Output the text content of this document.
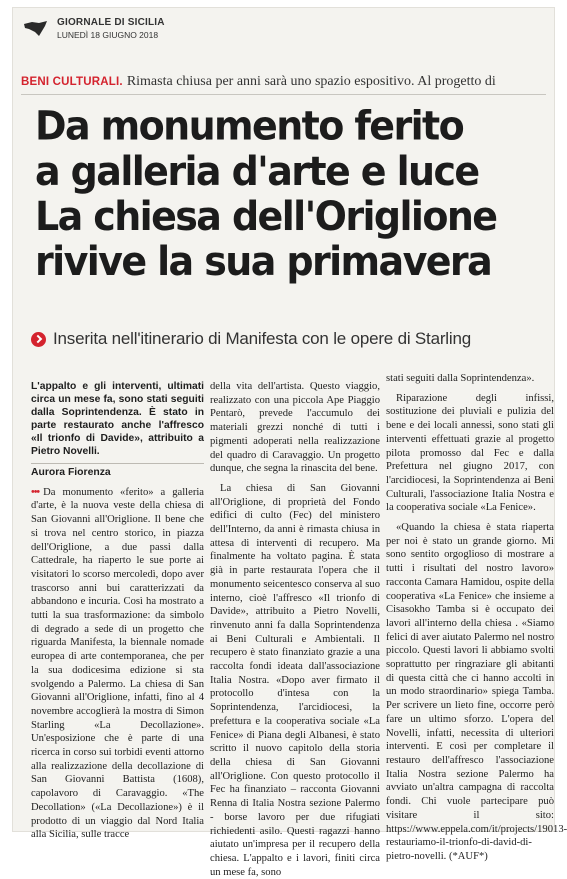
GIORNALE DI SICILIA
LUNEDÌ 18 GIUGNO 2018
BENI CULTURALI. Rimasta chiusa per anni sarà uno spazio espositivo. Al progetto di
Da monumento ferito
a galleria d'arte e luce
La chiesa dell'Origlione
rivive la sua primavera
Inserita nell'itinerario di Manifesta con le opere di Starling

L'appalto e gli interventi, ultimati circa un mese fa, sono stati seguiti dalla Soprintendenza. È stato in parte restaurato anche l'affresco «Il trionfo di Davide», attribuito a Pietro Novelli.

Aurora Fiorenza

••• Da monumento «ferito» a galleria d'arte, è la nuova veste della chiesa di San Giovanni all'Origlione. Il bene che si trova nel centro storico, in piazza dell'Origlione, a due passi dalla Cattedrale, ha riaperto le sue porte ai visitatori lo scorso mercoledì, dopo aver trascorso anni bui caratterizzati da abbandono e incuria. Così ha mostrato a tutti la sua trasformazione: da simbolo di degrado a sede di un progetto che riguarda Manifesta, la biennale nomade europea di arte contemporanea, che per la sua dodicesima edizione si sta svolgendo a Palermo. La chiesa di San Giovanni all'Origlione, infatti, fino al 4 novembre accoglierà la mostra di Simon Starling «La Decollazione». Un'esposizione che è parte di una ricerca in corso sui torbidi eventi attorno alla realizzazione della decollazione di San Giovanni Battista (1608), capolavoro di Caravaggio. «The Decollation» («La Decollazione») è il prodotto di un viaggio dal Nord Italia alla Sicilia, sulle tracce

della vita dell'artista. Questo viaggio, realizzato con una piccola Ape Piaggio Pentarò, prevede l'accumulo dei materiali grezzi nonché di tutti i pigmenti adoperati nella realizzazione del quadro di Caravaggio. Un progetto dunque, che segna la rinascita del bene.

La chiesa di San Giovanni all'Origlione, di proprietà del Fondo edifici di culto (Fec) del ministero dell'Interno, da anni è rimasta chiusa in attesa di interventi di recupero. Ma finalmente ha voltato pagina. È stata già in parte restaurata l'opera che il monumento seicentesco conserva al suo interno, cioè l'affresco «Il trionfo di Davide», attribuito a Pietro Novelli, rinvenuto anni fa dalla Soprintendenza ai Beni Culturali e Ambientali. Il recupero è stato finanziato grazie a una raccolta fondi ideata dall'associazione Italia Nostra. «Dopo aver firmato il protocollo d'intesa con la Soprintendenza, l'arcidiocesi, la prefettura e la cooperativa sociale «La Fenice» di Piana degli Albanesi, è stato scritto il nuovo capitolo della storia della chiesa di San Giovanni all'Origlione. Con questo protocollo il Fec ha finanziato – racconta Giovanni Renna di Italia Nostra sezione Palermo - borse lavoro per due rifugiati richiedenti asilo. Questi ragazzi hanno aiutato un'impresa per il recupero della chiesa. L'appalto e i lavori, finiti circa un mese fa, sono

stati seguiti dalla Soprintendenza».

Riparazione degli infissi, sostituzione dei pluviali e pulizia del bene e dei locali annessi, sono stati gli interventi effettuati grazie al progetto pilota promosso dal Fec e dalla Prefettura nel giugno 2017, con l'arcidiocesi, la Soprintendenza ai Beni Culturali, l'associazione Italia Nostra e la cooperativa sociale «La Fenice».

«Quando la chiesa è stata riaperta per noi è stato un grande giorno. Mi sono sentito orgoglioso di mostrare a tutti i risultati del nostro lavoro» racconta Camara Hamidou, ospite della cooperativa «La Fenice» che insieme a Cisasokho Tamba si è occupato dei lavori all'interno della chiesa . «Siamo felici di aver aiutato Palermo nel nostro piccolo. Questi lavori li abbiamo svolti soprattutto per ringraziare gli abitanti di questa città che ci hanno accolti in un modo straordinario» spiega Tamba. Per scrivere un lieto fine, occorre però fare un ultimo sforzo. L'opera del Novelli, infatti, necessita di ulteriori interventi. E così per completare il restauro dell'affresco l'associazione Italia Nostra sezione Palermo ha avviato un'altra campagna di raccolta fondi. Chi vuole partecipare può visitare il sito: https://www.eppela.com/it/projects/19013-restauriamo-il-trionfo-di-david-di-pietro-novelli. (*AUF*)
